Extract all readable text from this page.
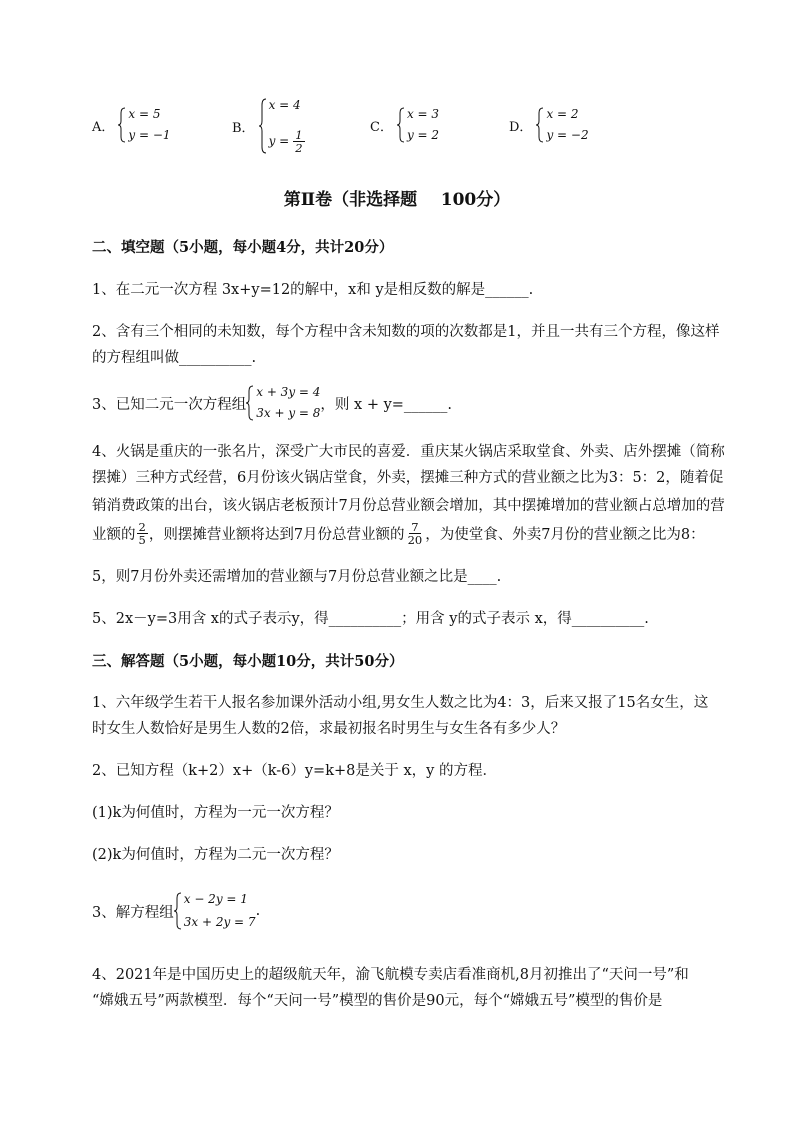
A．
x = 5
y = −1	B．
x = 4
$y = \frac{1}{2}$
C．
x = 3
y = 2
D．
x = 2
y = −2
第Ⅱ卷（非选择题    100分）
二、填空题（5小题，每小题4分，共计20分）
1、在二元一次方程 3x+y=12的解中，x和 y是相反数的解是______.
2、含有三个相同的未知数，每个方程中含未知数的项的次数都是1，并且一共有三个方程，像这样
的方程组叫做__________.
3、已知二元一次方程组
x + 3y = 4
3x + y = 8
，则 x + y=______.
4、火锅是重庆的一张名片，深受广大市民的喜爱．重庆某火锅店采取堂食、外卖、店外摆摊（简称
摆摊）三种方式经营，6月份该火锅店堂食，外卖，摆摊三种方式的营业额之比为3：5：2，随着促
销消费政策的出台，该火锅店老板预计7月份总营业额会增加，其中摆摊增加的营业额占总增加的营
业额的 $\frac{2}{5}$ ，则摆摊营业额将达到7月份总营业额的 $\frac{7}{20}$ ，为使堂食、外卖7月份的营业额之比为8：
5，则7月份外卖还需增加的营业额与7月份总营业额之比是____.
5、2x－y=3用含 x的式子表示y，得__________；用含 y的式子表示 x，得__________.
三、解答题（5小题，每小题10分，共计50分）
1、六年级学生若干人报名参加课外活动小组,男女生人数之比为4：3，后来又报了15名女生，这
时女生人数恰好是男生人数的2倍，求最初报名时男生与女生各有多少人？
2、已知方程（k+2）x+（k-6）y=k+8是关于 x，y 的方程．
(1)k为何值时，方程为一元一次方程？
(2)k为何值时，方程为二元一次方程？
3、解方程组
x − 2y = 1
3x + 2y = 7
.
4、2021年是中国历史上的超级航天年，渝飞航模专卖店看准商机,8月初推出了“天问一号”和
“嫦娥五号”两款模型．每个“天问一号”模型的售价是90元，每个“嫦娥五号”模型的售价是
